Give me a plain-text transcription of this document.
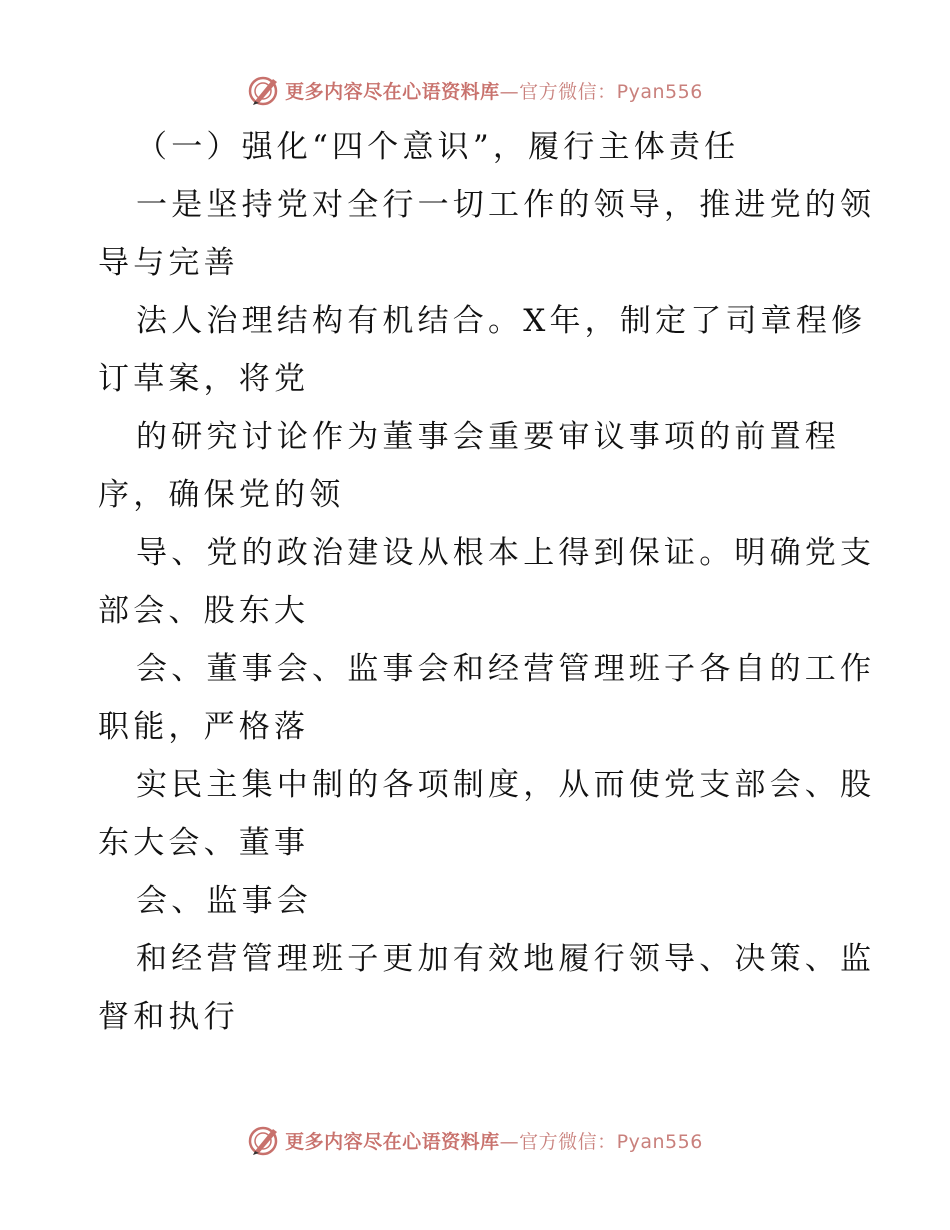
更多内容尽在心语资料库—官方微信：Pyan556

（一）强化“四个意识”，履行主体责任

一是坚持党对全行一切工作的领导，推进党的领

导与完善

法人治理结构有机结合。X年，制定了司章程修

订草案，将党

的研究讨论作为董事会重要审议事项的前置程

序，确保党的领

导、党的政治建设从根本上得到保证。明确党支

部会、股东大

会、董事会、监事会和经营管理班子各自的工作

职能，严格落

实民主集中制的各项制度，从而使党支部会、股

东大会、董事

会、监事会

和经营管理班子更加有效地履行领导、决策、监

督和执行

更多内容尽在心语资料库—官方微信：Pyan556
